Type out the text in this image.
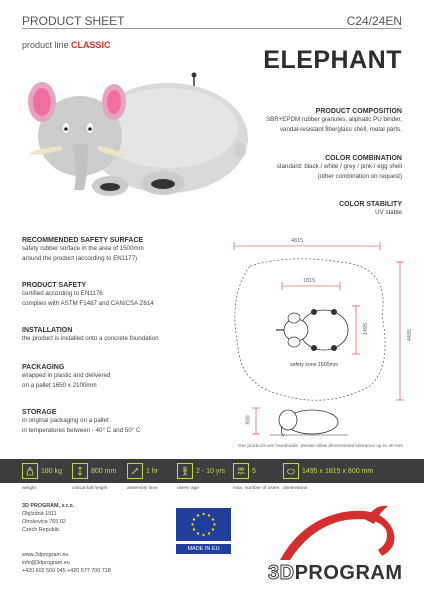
PRODUCT SHEET	C24/24EN
product line CLASSIC
ELEPHANT
PRODUCT COMPOSITION
SBR+EPDM rubber granules, aliphatic PU binder,
vandal-resistant fiberglass shell, metal parts,
COLOR COMBINATION
standard: black / white / grey / pink / egg shell
(other combination on request)
COLOR STABILITY
UV stable
RECOMMENDED SAFETY SURFACE
safety rubber surface in the area of 1500mm
around the product (according to EN1177)
PRODUCT SAFETY
certified according to EN1176
complies with ASTM F1487 and CAN/CSA Z614
INSTALLATION
the product is installed onto a concrete foundation
PACKAGING
wrapped in plastic and delivered
on a pallet 1650 x 2100mm
STORAGE
in original packaging on a pallet
in temperatures between - 40° C and 50° C
4815
1815
1495	4495
800
safety zone 1500mm
Our products are handmade, please allow dimensional tolerance up to 40 mm
180 kg	800 mm	1 hr	2 - 10 yrs	5	1495 x 1815 x 800 mm
weight	critical fall height	assembly time	users' age	max. number of users dimensions
3D PROGRAM, s.r.o.
Objízdná 1911
Otrokovice 765 02
Czech Republic
www.3dprogram.eu
info@3dprogram.eu
+420 602 500 045 +420 577 700 718
MADE IN EU
3DPROGRAM
